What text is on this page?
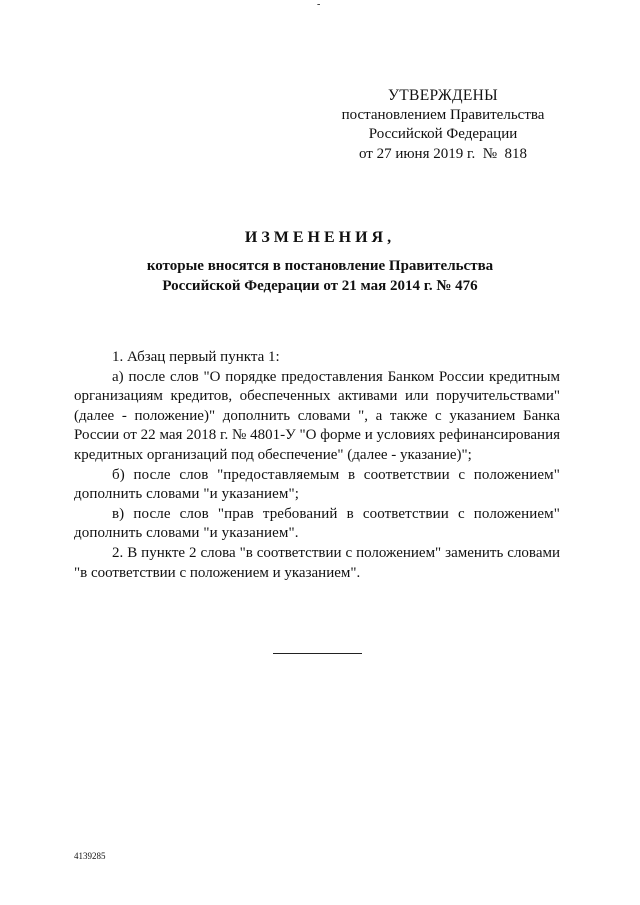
-
УТВЕРЖДЕНЫ
постановлением Правительства
Российской Федерации
от 27 июня 2019 г.  №  818
ИЗМЕНЕНИЯ,
которые вносятся в постановление Правительства
Российской Федерации от 21 мая 2014 г. № 476

1. Абзац первый пункта 1:

а) после слов "О порядке предоставления Банком России кредитным организациям кредитов, обеспеченных активами или поручительствами" (далее - положение)" дополнить словами ", а также с указанием Банка России от 22 мая 2018 г. № 4801-У "О форме и условиях рефинансирования кредитных организаций под обеспечение" (далее - указание)";

б) после слов "предоставляемым в соответствии с положением" дополнить словами "и указанием";

в) после слов "прав требований в соответствии с положением" дополнить словами "и указанием".

2. В пункте 2 слова "в соответствии с положением" заменить словами "в соответствии с положением и указанием".

4139285
